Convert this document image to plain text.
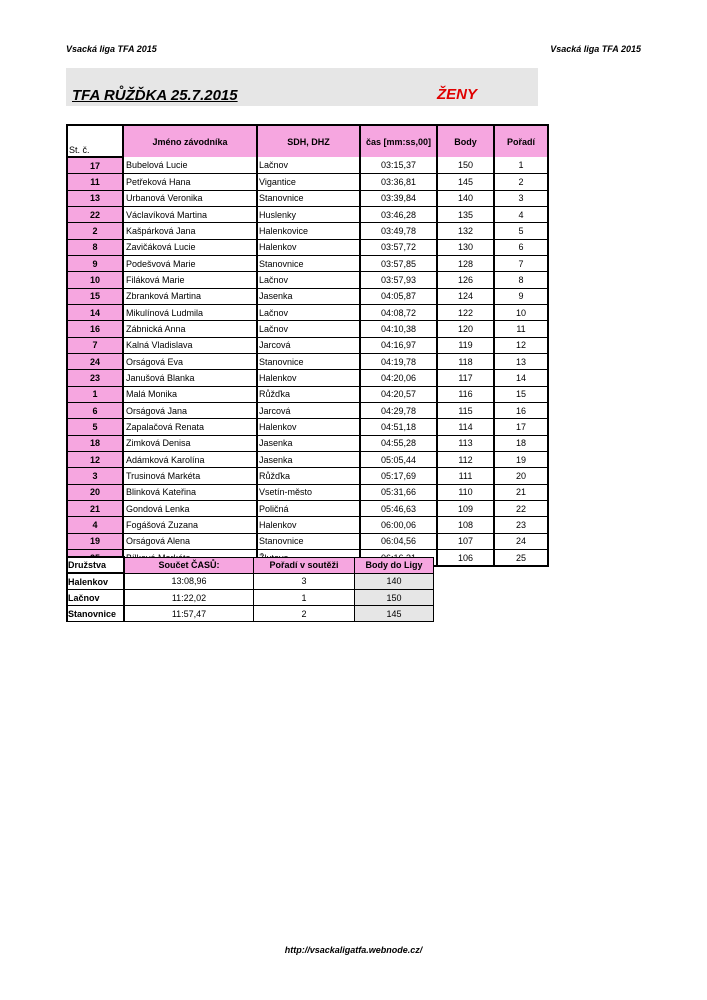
Vsacká liga TFA 2015	Vsacká liga TFA 2015
TFA RŮŽĎKA 25.7.2015	ŽENY
St. č.	Jméno závodníka	SDH, DHZ	čas [mm:ss,00]	Body	Pořadí
17	Bubelová Lucie	Lačnov	03:15,37	150	1
11	Petřeková Hana	Vigantice	03:36,81	145	2
13	Urbanová Veronika	Stanovnice	03:39,84	140	3
22	Václavíková Martina	Huslenky	03:46,28	135	4
2	Kašpárková Jana	Halenkovice	03:49,78	132	5
8	Zavičáková Lucie	Halenkov	03:57,72	130	6
9	Podešvová Marie	Stanovnice	03:57,85	128	7
10	Filáková Marie	Lačnov	03:57,93	126	8
15	Zbranková Martina	Jasenka	04:05,87	124	9
14	Mikulínová Ludmila	Lačnov	04:08,72	122	10
16	Zábnická Anna	Lačnov	04:10,38	120	11
7	Kalná Vladislava	Jarcová	04:16,97	119	12
24	Orságová Eva	Stanovnice	04:19,78	118	13
23	Janušová Blanka	Halenkov	04:20,06	117	14
1	Malá Monika	Růžďka	04:20,57	116	15
6	Orságová Jana	Jarcová	04:29,78	115	16
5	Zapalačová Renata	Halenkov	04:51,18	114	17
18	Zimková Denisa	Jasenka	04:55,28	113	18
12	Adámková Karolína	Jasenka	05:05,44	112	19
3	Trusinová Markéta	Růžďka	05:17,69	111	20
20	Blinková Kateřina	Vsetín-město	05:31,66	110	21
21	Gondová Lenka	Poličná	05:46,63	109	22
4	Fogášová Zuzana	Halenkov	06:00,06	108	23
19	Orságová Alena	Stanovnice	06:04,56	107	24
				106	25
Družstva	Součet ČASŮ:	Pořadí v soutěži	Body do Ligy
Halenkov	13:08,96	3	140
Lačnov	11:22,02	1	150
Stanovnice	11:57,47	2	145
http://vsackaligatfa.webnode.cz/
